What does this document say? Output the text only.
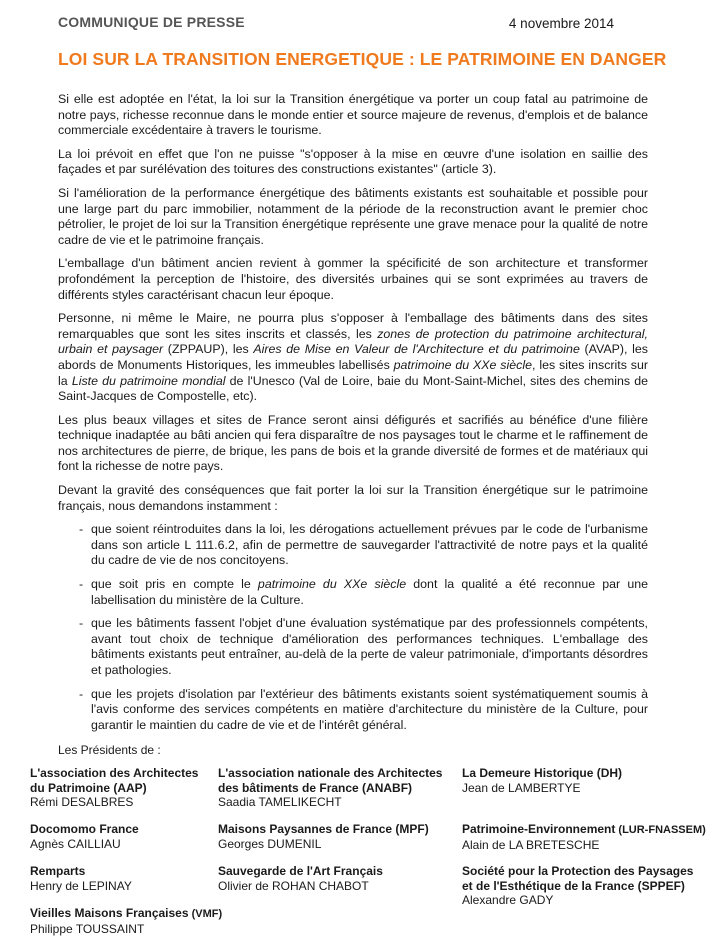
COMMUNIQUE DE PRESSE	4 novembre 2014
LOI SUR LA TRANSITION ENERGETIQUE : LE PATRIMOINE EN DANGER

Si elle est adoptée en l'état, la loi sur la Transition énergétique va porter un coup fatal au patrimoine de notre pays, richesse reconnue dans le monde entier et source majeure de revenus, d'emplois et de balance commerciale excédentaire à travers le tourisme.

La loi prévoit en effet que l'on ne puisse "s'opposer à la mise en œuvre d'une isolation en saillie des façades et par surélévation des toitures des constructions existantes" (article 3).

Si l'amélioration de la performance énergétique des bâtiments existants est souhaitable et possible pour une large part du parc immobilier, notamment de la période de la reconstruction avant le premier choc pétrolier, le projet de loi sur la Transition énergétique représente une grave menace pour la qualité de notre cadre de vie et le patrimoine français.

L'emballage d'un bâtiment ancien revient à gommer la spécificité de son architecture et transformer profondément la perception de l'histoire, des diversités urbaines qui se sont exprimées au travers de différents styles caractérisant chacun leur époque.

Personne, ni même le Maire, ne pourra plus s'opposer à l'emballage des bâtiments dans des sites remarquables que sont les sites inscrits et classés, les zones de protection du patrimoine architectural, urbain et paysager (ZPPAUP), les Aires de Mise en Valeur de l'Architecture et du patrimoine (AVAP), les abords de Monuments Historiques, les immeubles labellisés patrimoine du XXe siècle, les sites inscrits sur la Liste du patrimoine mondial de l'Unesco (Val de Loire, baie du Mont-Saint-Michel, sites des chemins de Saint-Jacques de Compostelle, etc).

Les plus beaux villages et sites de France seront ainsi défigurés et sacrifiés au bénéfice d'une filière technique inadaptée au bâti ancien qui fera disparaître de nos paysages tout le charme et le raffinement de nos architectures de pierre, de brique, les pans de bois et la grande diversité de formes et de matériaux qui font la richesse de notre pays.

Devant la gravité des conséquences que fait porter la loi sur la Transition énergétique sur le patrimoine français, nous demandons instamment :

- que soient réintroduites dans la loi, les dérogations actuellement prévues par le code de l'urbanisme dans son article L 111.6.2, afin de permettre de sauvegarder l'attractivité de notre pays et la qualité du cadre de vie de nos concitoyens.
- que soit pris en compte le patrimoine du XXe siècle dont la qualité a été reconnue par une labellisation du ministère de la Culture.
- que les bâtiments fassent l'objet d'une évaluation systématique par des professionnels compétents, avant tout choix de technique d'amélioration des performances techniques. L'emballage des bâtiments existants peut entraîner, au-delà de la perte de valeur patrimoniale, d'importants désordres et pathologies.
- que les projets d'isolation par l'extérieur des bâtiments existants soient systématiquement soumis à l'avis conforme des services compétents en matière d'architecture du ministère de la Culture, pour garantir le maintien du cadre de vie et de l'intérêt général.
Les Présidents de :
L'association des Architectes
du Patrimoine (AAP)
Rémi DESALBRES
L'association nationale des Architectes
des bâtiments de France (ANABF)
Saadia TAMELIKECHT
La Demeure Historique (DH)
Jean de LAMBERTYE
Docomomo France
Agnès CAILLIAU
Maisons Paysannes de France (MPF)
Georges DUMENIL
Patrimoine-Environnement (LUR-FNASSEM)
Alain de LA BRETESCHE
Remparts
Henry de LEPINAY
Sauvegarde de l'Art Français
Olivier de ROHAN CHABOT
Société pour la Protection des Paysages
et de l'Esthétique de la France (SPPEF)
Alexandre GADY
Vieilles Maisons Françaises (VMF)
Philippe TOUSSAINT
